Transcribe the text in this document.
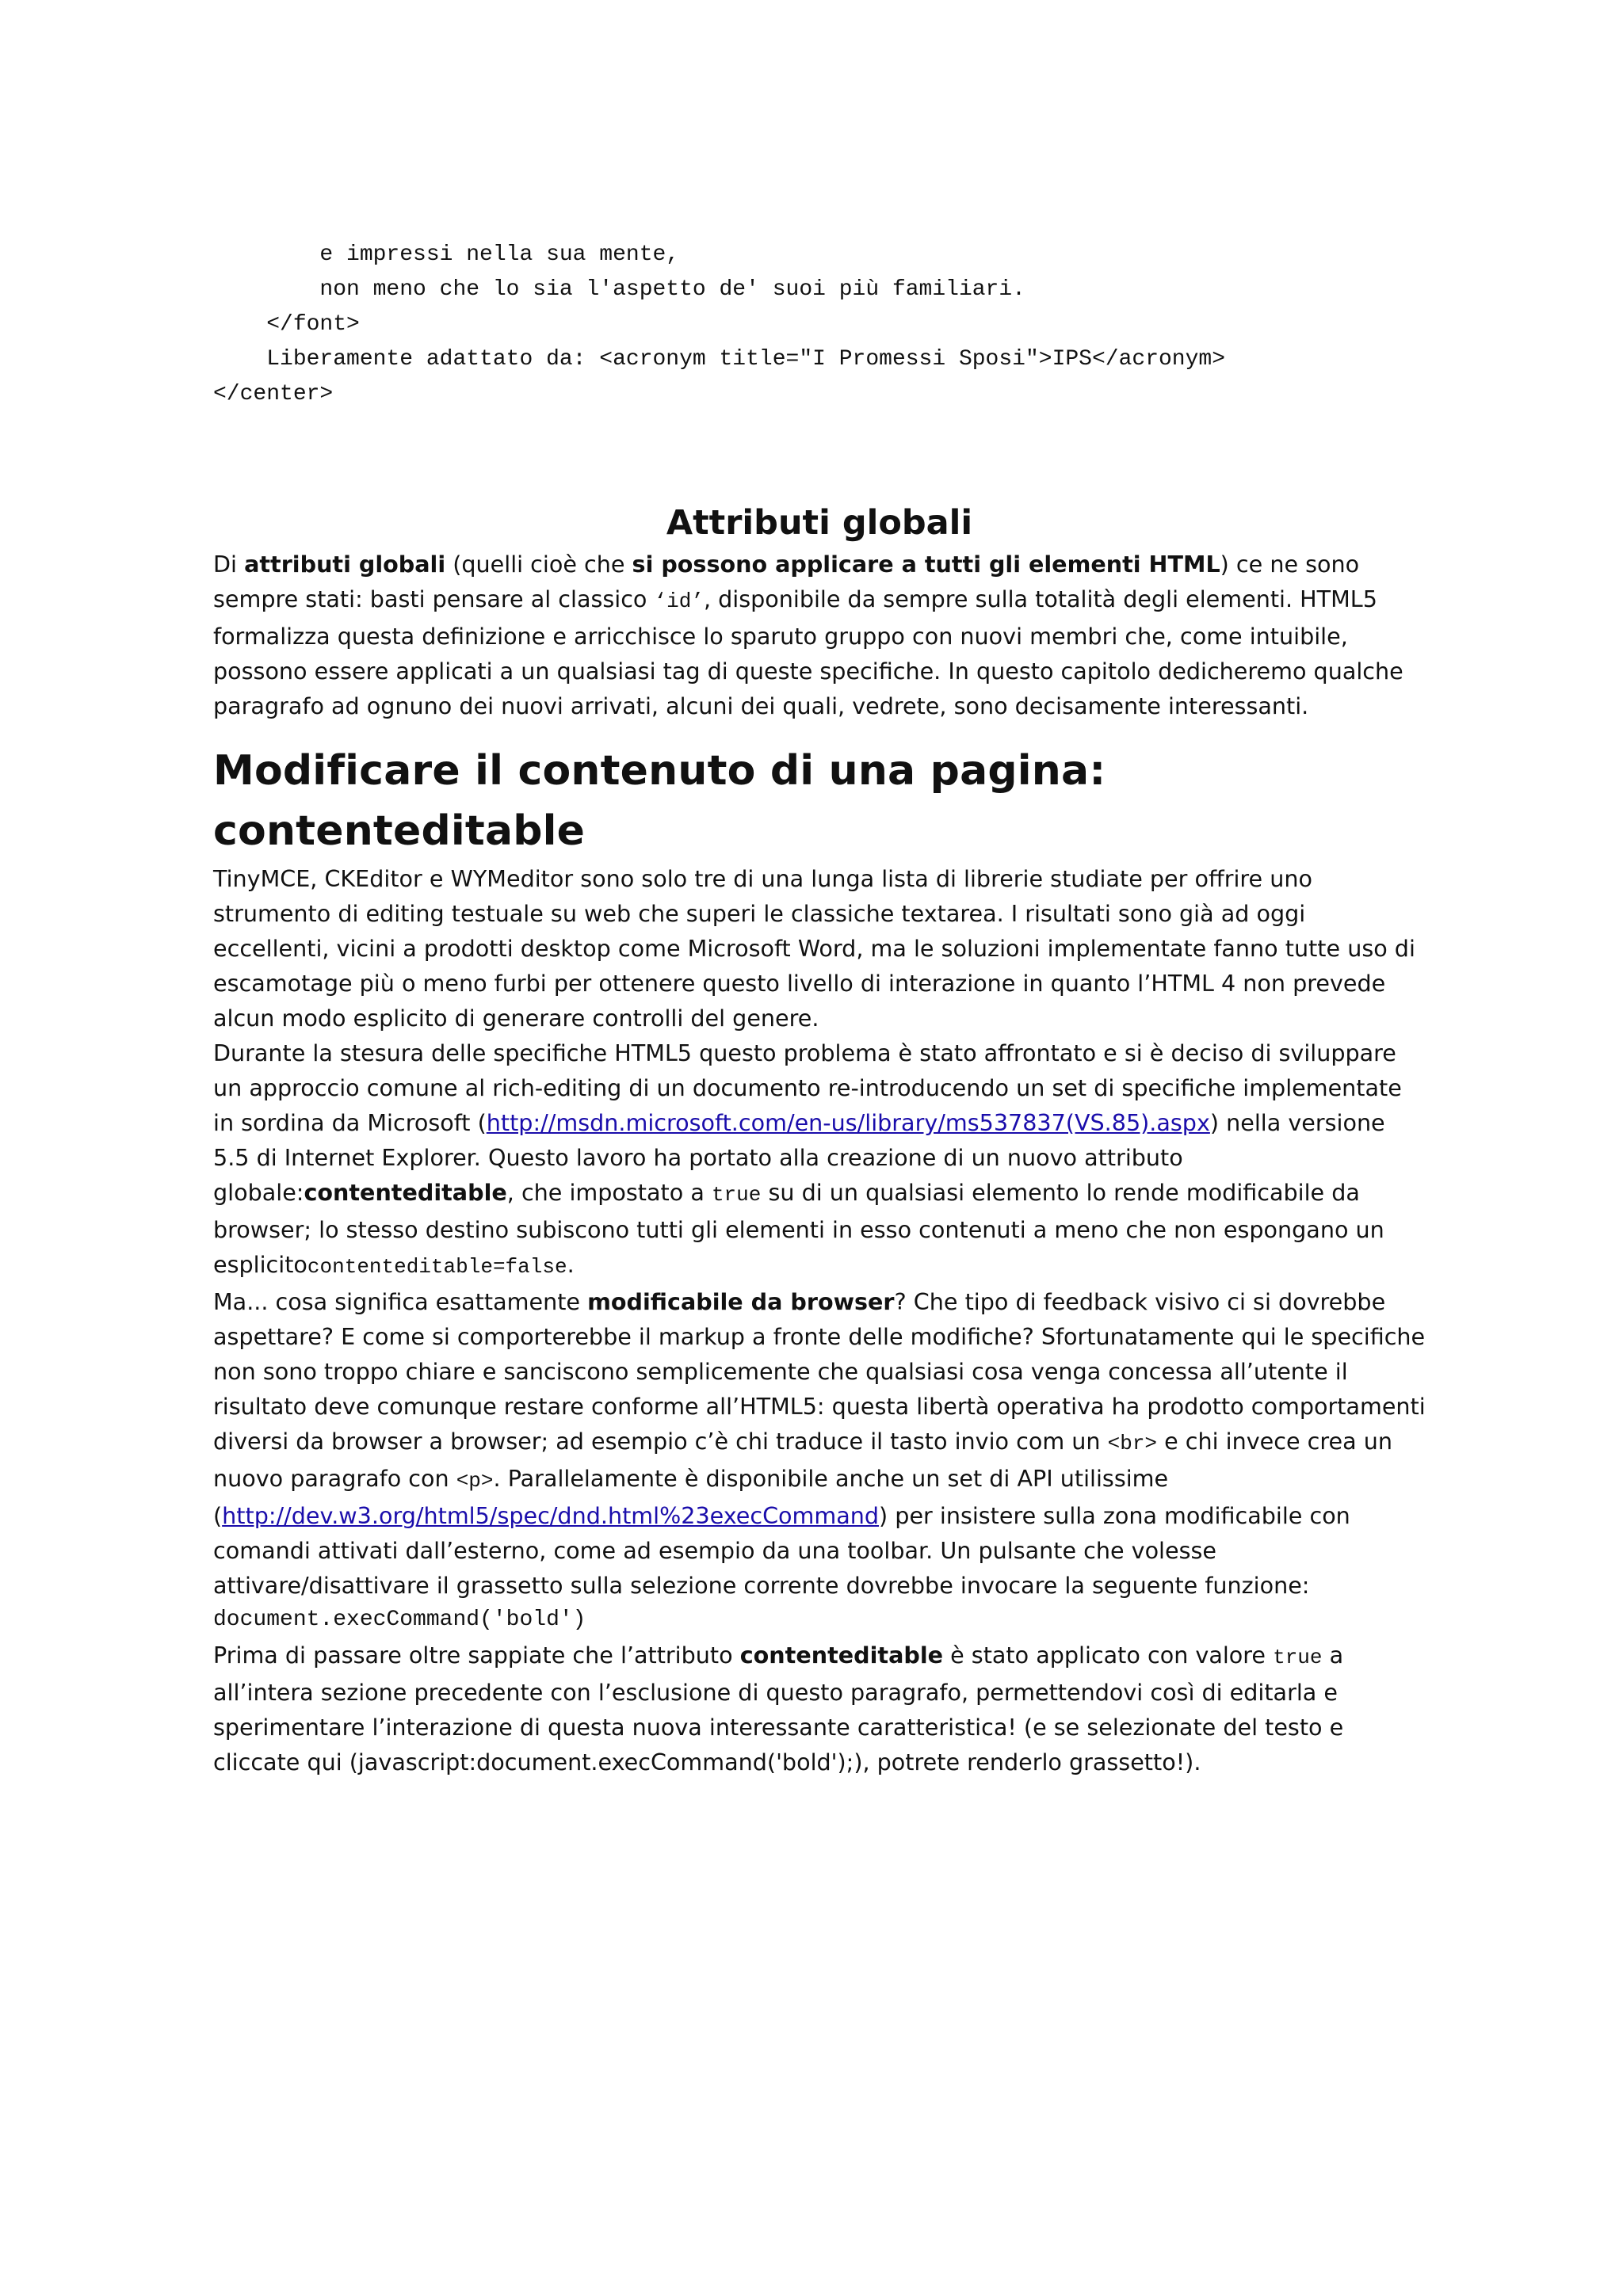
e impressi nella sua mente,
non meno che lo sia l'aspetto de' suoi più familiari.
</font>
Liberamente adattato da: <acronym title="I Promessi Sposi">IPS</acronym>
</center>
Attributi globali

Di attributi globali (quelli cioè che si possono applicare a tutti gli elementi HTML) ce ne sono sempre stati: basti pensare al classico ‘id’, disponibile da sempre sulla totalità degli elementi. HTML5 formalizza questa definizione e arricchisce lo sparuto gruppo con nuovi membri che, come intuibile, possono essere applicati a un qualsiasi tag di queste specifiche. In questo capitolo dedicheremo qualche paragrafo ad ognuno dei nuovi arrivati, alcuni dei quali, vedrete, sono decisamente interessanti.

Modificare il contenuto di una pagina: contenteditable

TinyMCE, CKEditor e WYMeditor sono solo tre di una lunga lista di librerie studiate per offrire uno strumento di editing testuale su web che superi le classiche textarea. I risultati sono già ad oggi eccellenti, vicini a prodotti desktop come Microsoft Word, ma le soluzioni implementate fanno tutte uso di escamotage più o meno furbi per ottenere questo livello di interazione in quanto l’HTML 4 non prevede alcun modo esplicito di generare controlli del genere.

Durante la stesura delle specifiche HTML5 questo problema è stato affrontato e si è deciso di sviluppare un approccio comune al rich-editing di un documento re-introducendo un set di specifiche implementate in sordina da Microsoft (http://msdn.microsoft.com/en-us/library/ms537837(VS.85).aspx) nella versione 5.5 di Internet Explorer. Questo lavoro ha portato alla creazione di un nuovo attributo globale:contenteditable, che impostato a true su di un qualsiasi elemento lo rende modificabile da browser; lo stesso destino subiscono tutti gli elementi in esso contenuti a meno che non espongano un esplicitocontenteditable=false.

Ma... cosa significa esattamente modificabile da browser? Che tipo di feedback visivo ci si dovrebbe aspettare? E come si comporterebbe il markup a fronte delle modifiche? Sfortunatamente qui le specifiche non sono troppo chiare e sanciscono semplicemente che qualsiasi cosa venga concessa all’utente il risultato deve comunque restare conforme all’HTML5: questa libertà operativa ha prodotto comportamenti diversi da browser a browser; ad esempio c’è chi traduce il tasto invio com un <br> e chi invece crea un nuovo paragrafo con <p>. Parallelamente è disponibile anche un set di API utilissime (http://dev.w3.org/html5/spec/dnd.html%23execCommand) per insistere sulla zona modificabile con comandi attivati dall’esterno, come ad esempio da una toolbar. Un pulsante che volesse attivare/disattivare il grassetto sulla selezione corrente dovrebbe invocare la seguente funzione:

document.execCommand('bold')

Prima di passare oltre sappiate che l’attributo contenteditable è stato applicato con valore true a all’intera sezione precedente con l’esclusione di questo paragrafo, permettendovi così di editarla e sperimentare l’interazione di questa nuova interessante caratteristica! (e se selezionate del testo e cliccate qui (javascript:document.execCommand('bold');), potrete renderlo grassetto!).
